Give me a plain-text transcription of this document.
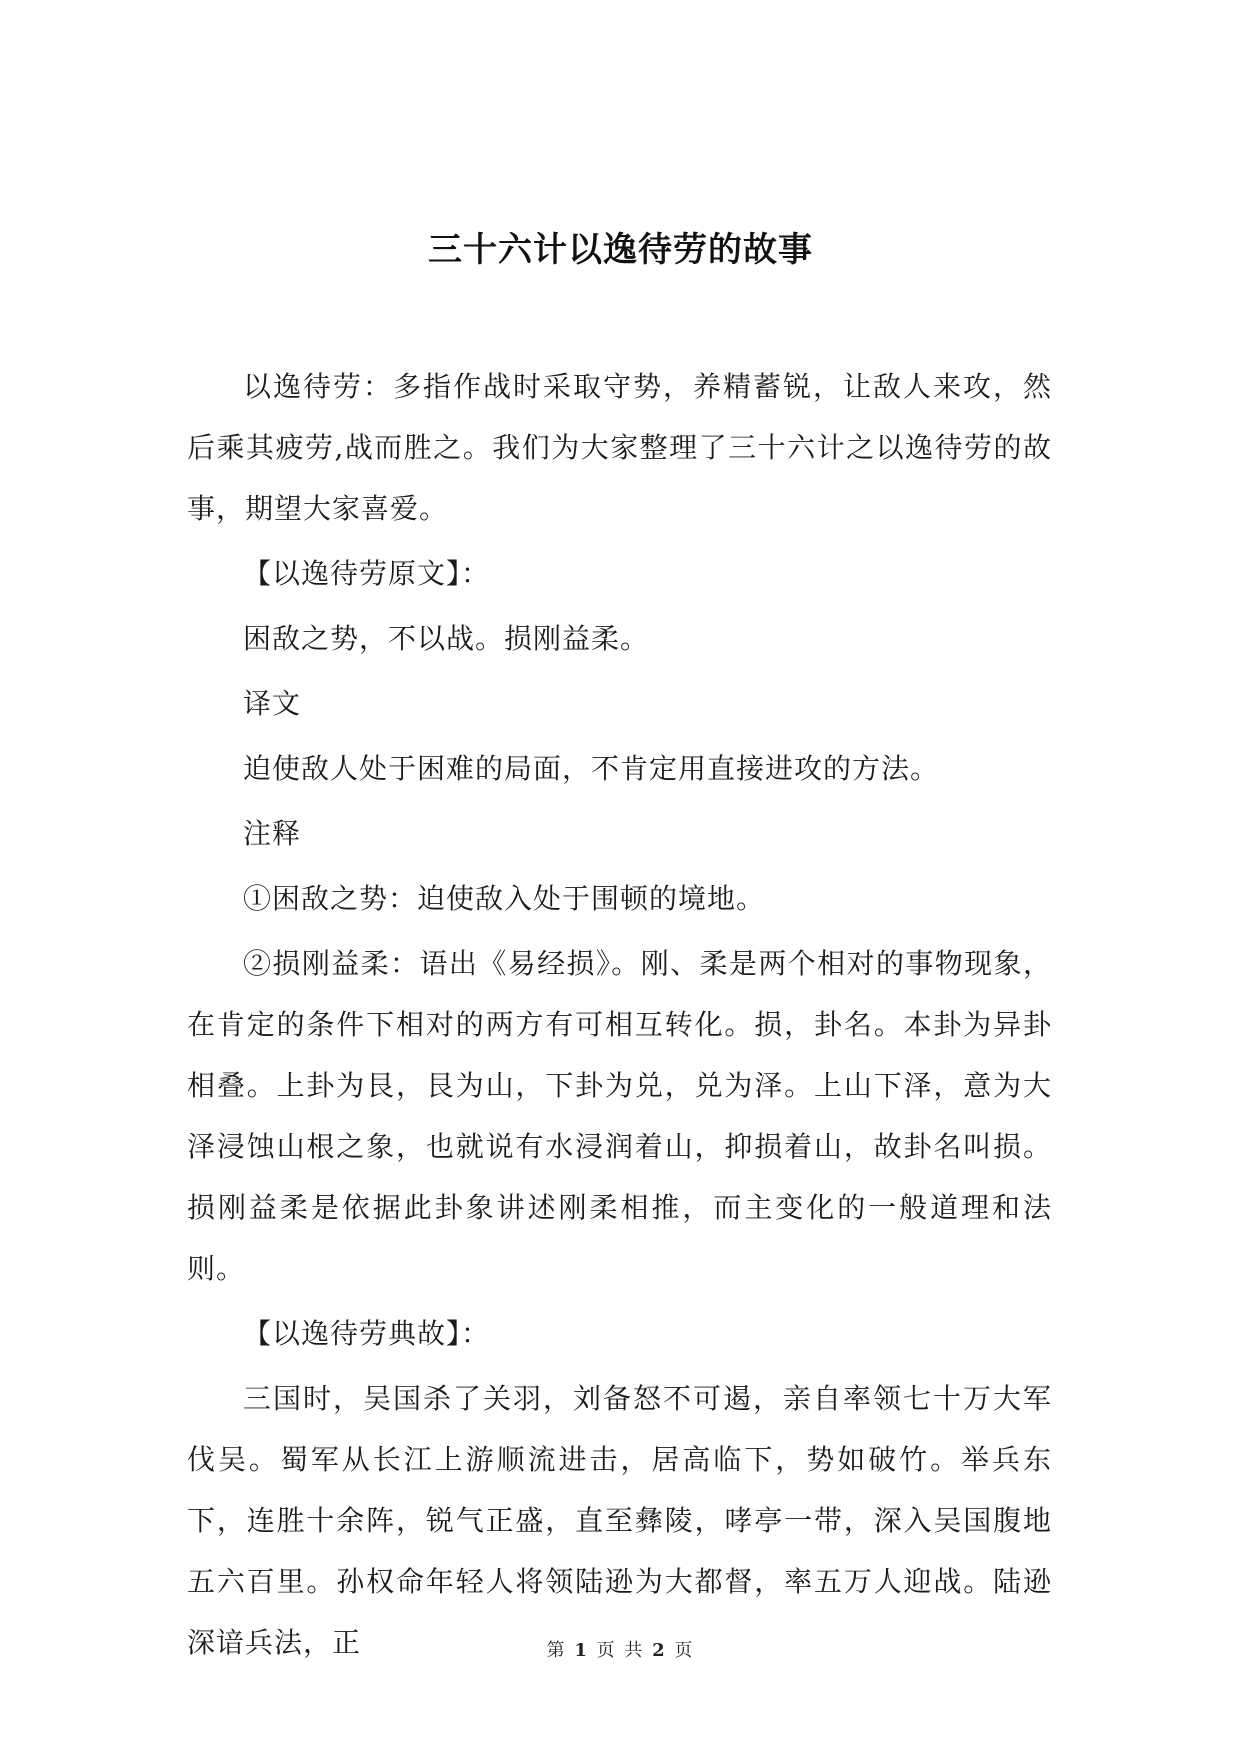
三十六计以逸待劳的故事

以逸待劳：多指作战时采取守势，养精蓄锐，让敌人来攻，然后乘其疲劳,战而胜之。我们为大家整理了三十六计之以逸待劳的故事，期望大家喜爱。

【以逸待劳原文】：

困敌之势，不以战。损刚益柔。

译文

迫使敌人处于困难的局面，不肯定用直接进攻的方法。

注释

①困敌之势：迫使敌入处于围顿的境地。

②损刚益柔：语出《易经损》。刚、柔是两个相对的事物现象，在肯定的条件下相对的两方有可相互转化。损，卦名。本卦为异卦相叠。上卦为艮，艮为山，下卦为兑，兑为泽。上山下泽，意为大泽浸蚀山根之象，也就说有水浸润着山，抑损着山，故卦名叫损。损刚益柔是依据此卦象讲述刚柔相推，而主变化的一般道理和法则。

【以逸待劳典故】：

三国时，吴国杀了关羽，刘备怒不可遏，亲自率领七十万大军伐吴。蜀军从长江上游顺流进击，居高临下，势如破竹。举兵东下，连胜十余阵，锐气正盛，直至彝陵，哮亭一带，深入吴国腹地五六百里。孙权命年轻人将领陆逊为大都督，率五万人迎战。陆逊深谙兵法，正	第 1 页 共 2 页
